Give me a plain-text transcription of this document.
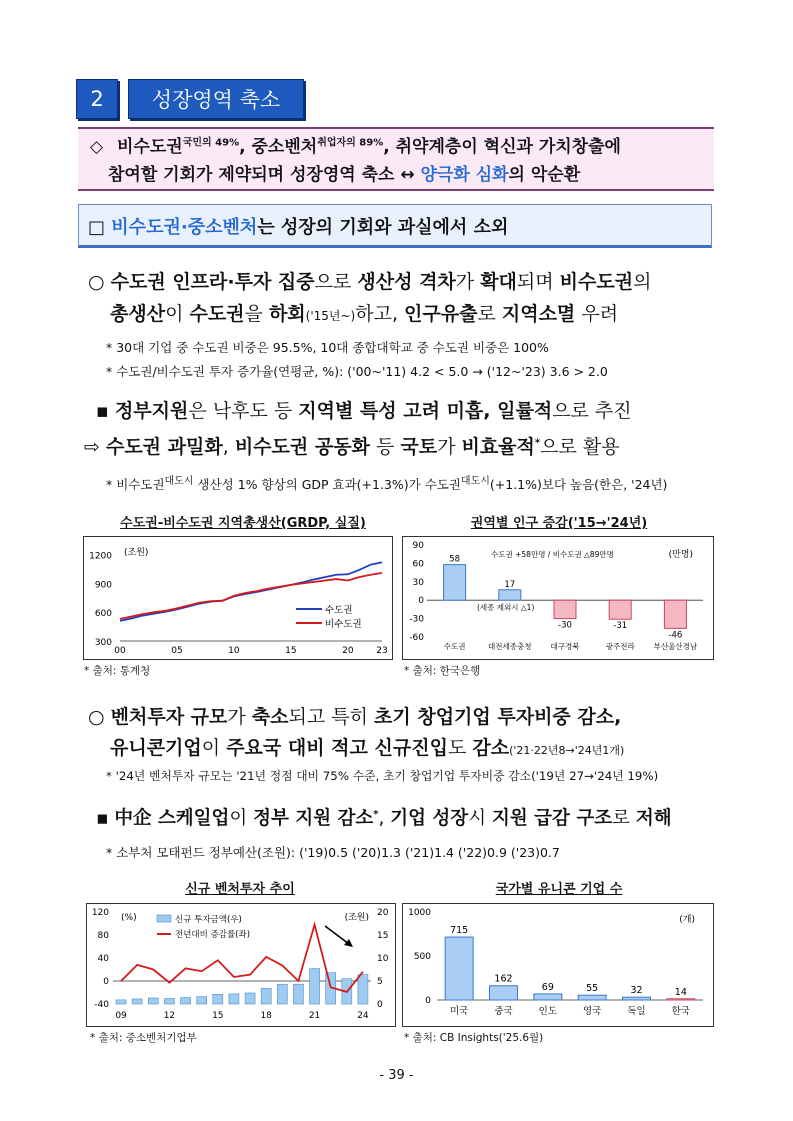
2	성장영역 축소
◇ 비수도권$^{국민의 49\%}$, 중소벤처$^{취업자의 89\%}$, 취약계층이 혁신과 가치창출에
참여할 기회가 제약되며 성장영역 축소 ↔ 양극화 심화의 악순환
□ 비수도권·중소벤처는 성장의 기회와 과실에서 소외
○ 수도권 인프라·투자 집중으로 생산성 격차가 확대되며 비수도권의
총생산이 수도권을 하회('15년~)하고, 인구유출로 지역소멸 우려
* 30대 기업 중 수도권 비중은 95.5%, 10대 종합대학교 중 수도권 비중은 100%
* 수도권/비수도권 투자 증가율(연평균, %): ('00~'11) 4.2 < 5.0 → ('12~'23) 3.6 > 2.0
▪ 정부지원은 낙후도 등 지역별 특성 고려 미흡, 일률적으로 추진
⇨ 수도권 과밀화, 비수도권 공동화 등 국토가 비효율적*으로 활용
* 비수도권$^{대도시}$ 생산성 1% 향상의 GDP 효과(+1.3%)가 수도권$^{대도시}$(+1.1%)보다 높음(한은, '24년)
수도권-비수도권 지역총생산(GRDP, 실질)
300
600
900
1200
00	05	10	15	20	23
(조원)
수도권
비수도권
* 출처: 통계청
권역별 인구 증감('15→'24년)
-60
-30
0
30
60
90
(만명)
수도권 +58만명 / 비수도권 △89만명
(세종 제외시 △1)
58
수도권
17
대전세종충청
-30
대구경북
-31
광주전라
-46
부산울산경남
* 출처: 한국은행
○ 벤처투자 규모가 축소되고 특히 초기 창업기업 투자비중 감소,
유니콘기업이 주요국 대비 적고 신규진입도 감소('21·22년8→'24년1개)
* '24년 벤처투자 규모는 '21년 정점 대비 75% 수준, 초기 창업기업 투자비중 감소('19년 27→'24년 19%)
▪ 中企 스케일업이 정부 지원 감소*, 기업 성장시 지원 급감 구조로 저해
* 소부처 모태펀드 정부예산(조원): ('19)0.5 ('20)1.3 ('21)1.4 ('22)0.9 ('23)0.7
신규 벤처투자 추이
-40
0
40
80
120
0
5
10
15
20
(%)	(조원)
09	12	15	18	21	24
신규 투자금액(우)
전년대비 증감률(좌)
* 출처: 중소벤처기업부
국가별 유니콘 기업 수
0
500
1000
(개)
715
미국
162
중국
69
인도
55
영국
32
독일
14
한국
* 출처: CB Insights('25.6월)
- 39 -
